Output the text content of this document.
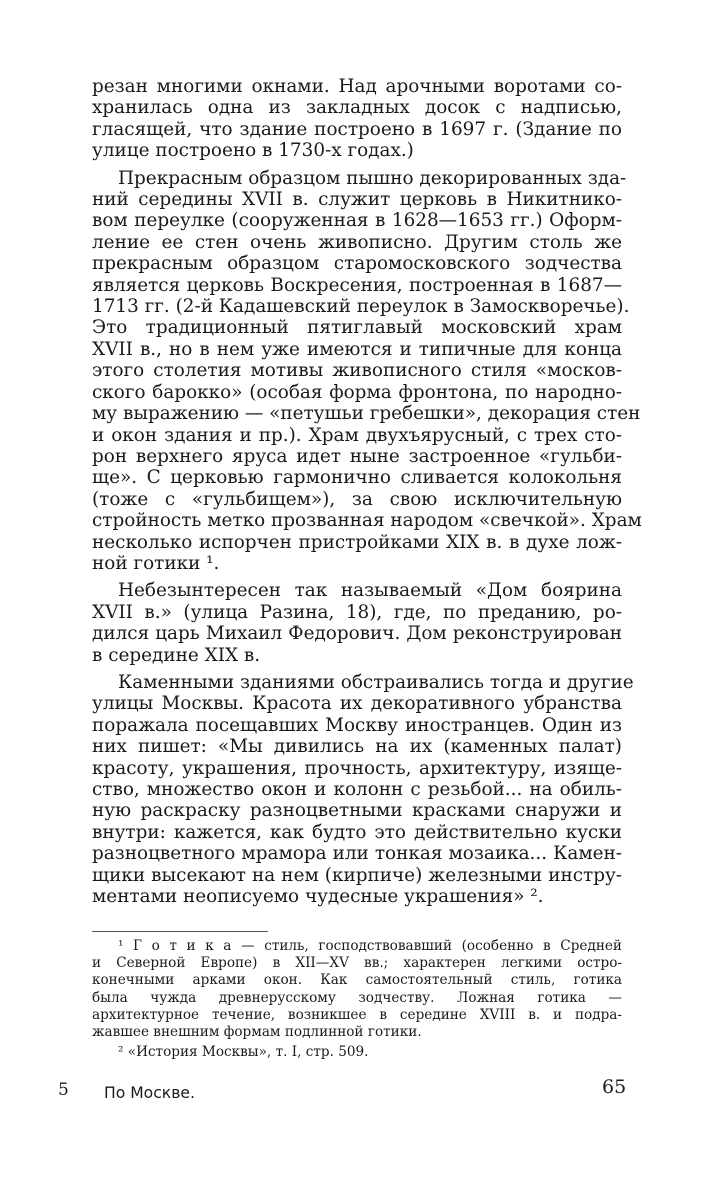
резан многими окнами. Над арочными воротами со-
хранилась одна из закладных досок с надписью,
гласящей, что здание построено в 1697 г. (Здание по
улице построено в 1730-х годах.)
Прекрасным образцом пышно декорированных зда-
ний середины XVII в. служит церковь в Никитнико-
вом переулке (сооруженная в 1628—1653 гг.) Оформ-
ление ее стен очень живописно. Другим столь же
прекрасным образцом старомосковского зодчества
является церковь Воскресения, построенная в 1687—
1713 гг. (2-й Кадашевский переулок в Замоскворечье).
Это традиционный пятиглавый московский храм
XVII в., но в нем уже имеются и типичные для конца
этого столетия мотивы живописного стиля «москов-
ского барокко» (особая форма фронтона, по народно-
му выражению — «петушьи гребешки», декорация стен
и окон здания и пр.). Храм двухъярусный, с трех сто-
рон верхнего яруса идет ныне застроенное «гульби-
ще». С церковью гармонично сливается колокольня
(тоже с «гульбищем»), за свою исключительную
стройность метко прозванная народом «свечкой». Храм
несколько испорчен пристройками XIX в. в духе лож-
ной готики ¹.
Небезынтересен так называемый «Дом боярина
XVII в.» (улица Разина, 18), где, по преданию, ро-
дился царь Михаил Федорович. Дом реконструирован
в середине XIX в.
Каменными зданиями обстраивались тогда и другие
улицы Москвы. Красота их декоративного убранства
поражала посещавших Москву иностранцев. Один из
них пишет: «Мы дивились на их (каменных палат)
красоту, украшения, прочность, архитектуру, изяще-
ство, множество окон и колонн с резьбой... на обиль-
ную раскраску разноцветными красками снаружи и
внутри: кажется, как будто это действительно куски
разноцветного мрамора или тонкая мозаика... Камен-
щики высекают на нем (кирпиче) железными инстру-
ментами неописуемо чудесные украшения» ².
¹ Г о т и к а — стиль, господствовавший (особенно в Средней
и Северной Европе) в XII—XV вв.; характерен легкими остро-
конечными арками окон. Как самостоятельный стиль, готика
была чужда древнерусскому зодчеству. Ложная готика —
архитектурное течение, возникшее в середине XVIII в. и подра-
жавшее внешним формам подлинной готики.
² «История Москвы», т. I, стр. 509.
5 По Москве.	65
